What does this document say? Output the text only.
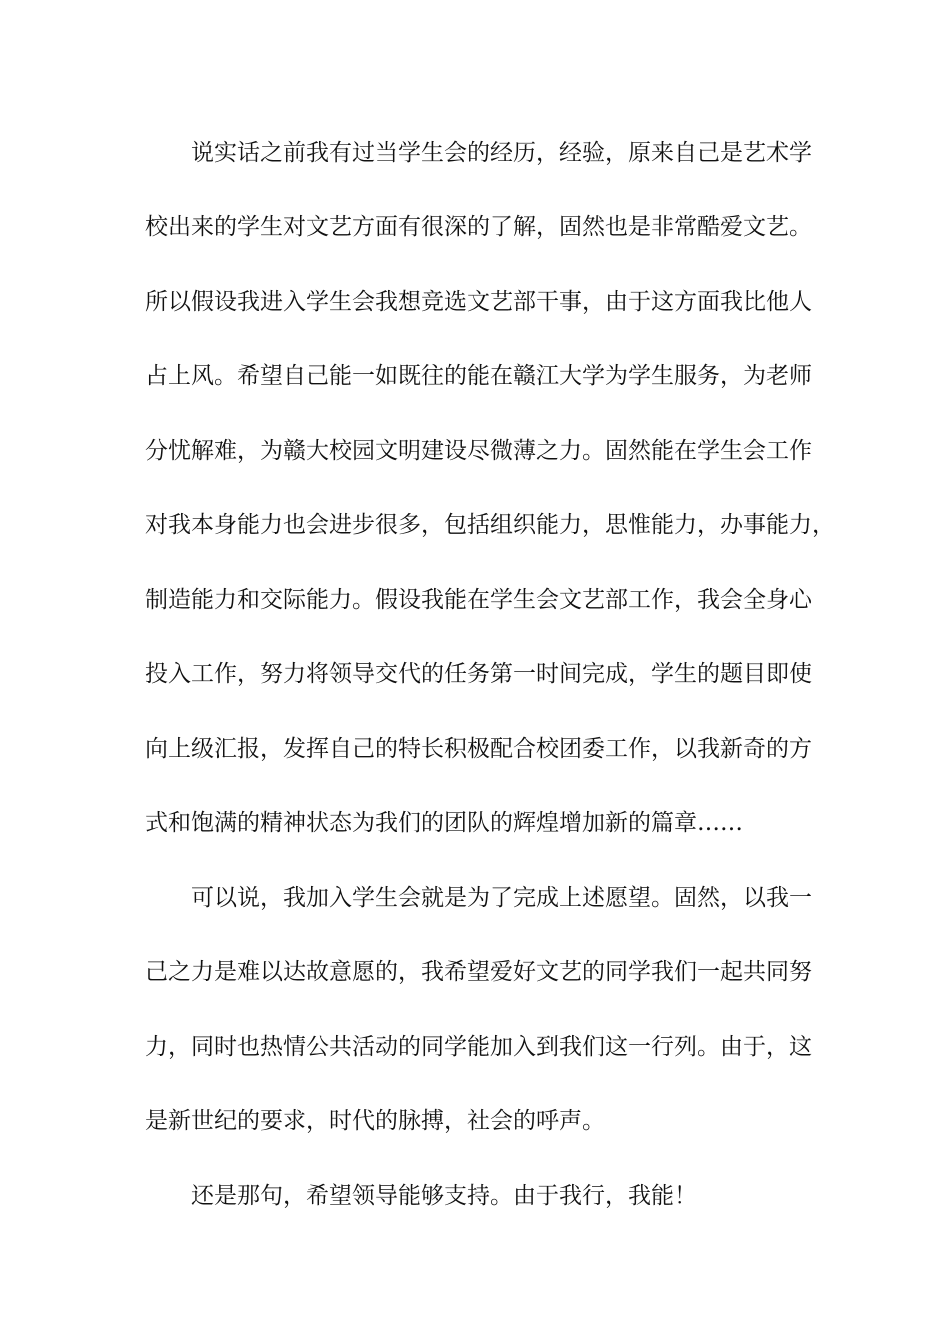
说实话之前我有过当学生会的经历，经验，原来自己是艺术学
校出来的学生对文艺方面有很深的了解，固然也是非常酷爱文艺。
所以假设我进入学生会我想竞选文艺部干事，由于这方面我比他人
占上风。希望自己能一如既往的能在赣江大学为学生服务，为老师
分忧解难，为赣大校园文明建设尽微薄之力。固然能在学生会工作
对我本身能力也会进步很多，包括组织能力，思惟能力，办事能力，
制造能力和交际能力。假设我能在学生会文艺部工作，我会全身心
投入工作，努力将领导交代的任务第一时间完成，学生的题目即使
向上级汇报，发挥自己的特长积极配合校团委工作，以我新奇的方
式和饱满的精神状态为我们的团队的辉煌增加新的篇章……
可以说，我加入学生会就是为了完成上述愿望。固然，以我一
己之力是难以达故意愿的，我希望爱好文艺的同学我们一起共同努
力，同时也热情公共活动的同学能加入到我们这一行列。由于，这
是新世纪的要求，时代的脉搏，社会的呼声。
还是那句，希望领导能够支持。由于我行，我能！
